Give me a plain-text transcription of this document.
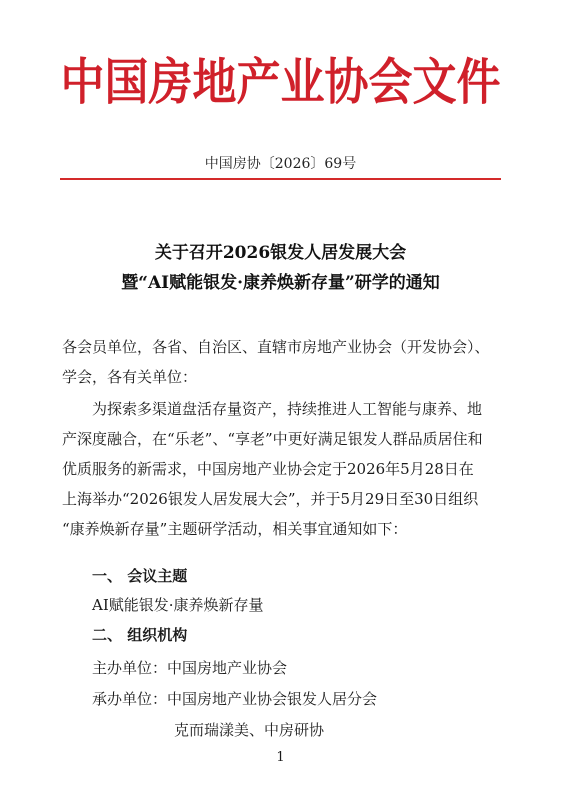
中国房地产业协会文件
中国房协〔2026〕69号
关于召开2026银发人居发展大会
暨“AI赋能银发·康养焕新存量”研学的通知
各会员单位，各省、自治区、直辖市房地产业协会（开发协会）、
学会，各有关单位：
为探索多渠道盘活存量资产，持续推进人工智能与康养、地
产深度融合，在“乐老”、“享老”中更好满足银发人群品质居住和
优质服务的新需求，中国房地产业协会定于2026年5月28日在
上海举办“2026银发人居发展大会”，并于5月29日至30日组织
“康养焕新存量”主题研学活动，相关事宜通知如下：
一、 会议主题
AI赋能银发·康养焕新存量
二、 组织机构
主办单位：中国房地产业协会
承办单位：中国房地产业协会银发人居分会
克而瑞漾美、中房研协
1
